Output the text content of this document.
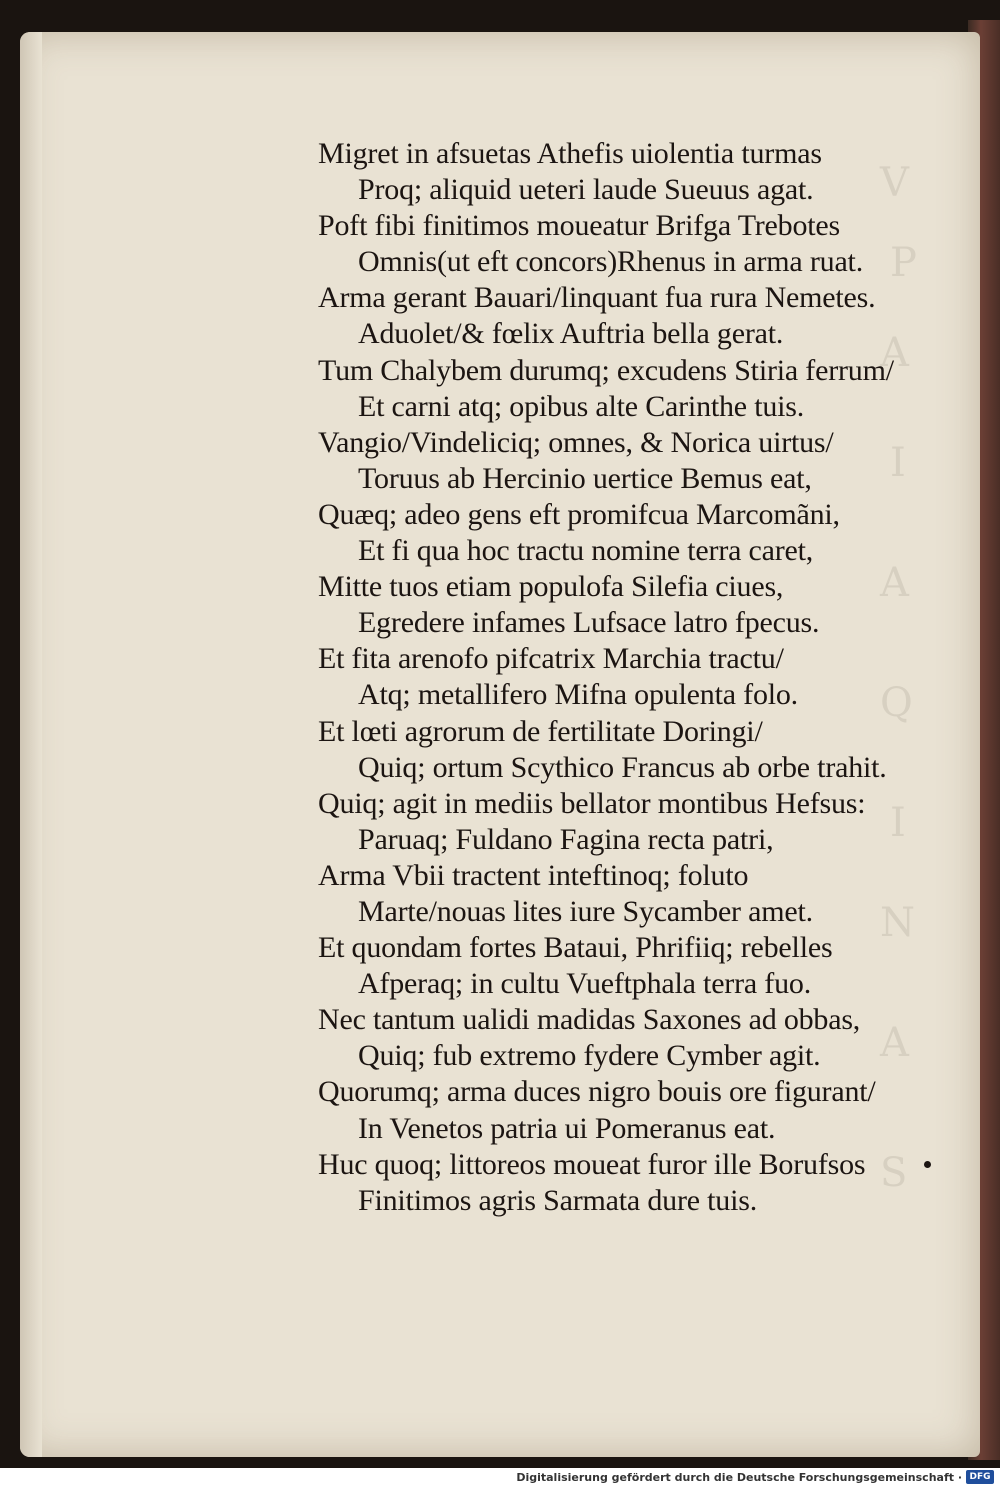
Migret in afsuetas Athefis uiolentia turmas
Proq; aliquid ueteri laude Sueuus agat.
Poft fibi finitimos moueatur Brifga Trebotes
Omnis(ut eft concors)Rhenus in arma ruat.
Arma gerant Bauari/linquant fua rura Nemetes.
Aduolet/& fœlix Auftria bella gerat.
Tum Chalybem durumq; excudens Stiria ferrum/
Et carni atq; opibus alte Carinthe tuis.
Vangio/Vindeliciq; omnes, & Norica uirtus/
Toruus ab Hercinio uertice Bemus eat,
Quæq; adeo gens eft promifcua Marcomãni,
Et fi qua hoc tractu nomine terra caret,
Mitte tuos etiam populofa Silefia ciues,
Egredere infames Lufsace latro fpecus.
Et fita arenofo pifcatrix Marchia tractu/
Atq; metallifero Mifna opulenta folo.
Et lœti agrorum de fertilitate Doringi/
Quiq; ortum Scythico Francus ab orbe trahit.
Quiq; agit in mediis bellator montibus Hefsus:
Paruaq; Fuldano Fagina recta patri,
Arma Vbii tractent inteftinoq; foluto
Marte/nouas lites iure Sycamber amet.
Et quondam fortes Bataui, Phrifiiq; rebelles
Afperaq; in cultu Vueftphala terra fuo.
Nec tantum ualidi madidas Saxones ad obbas,
Quiq; fub extremo fydere Cymber agit.
Quorumq; arma duces nigro bouis ore figurant/
In Venetos patria ui Pomeranus eat.
Huc quoq; littoreos moueat furor ille Borufsos
Finitimos agris Sarmata dure tuis.
Digitalisierung gefördert durch die Deutsche Forschungsgemeinschaft · DFG
